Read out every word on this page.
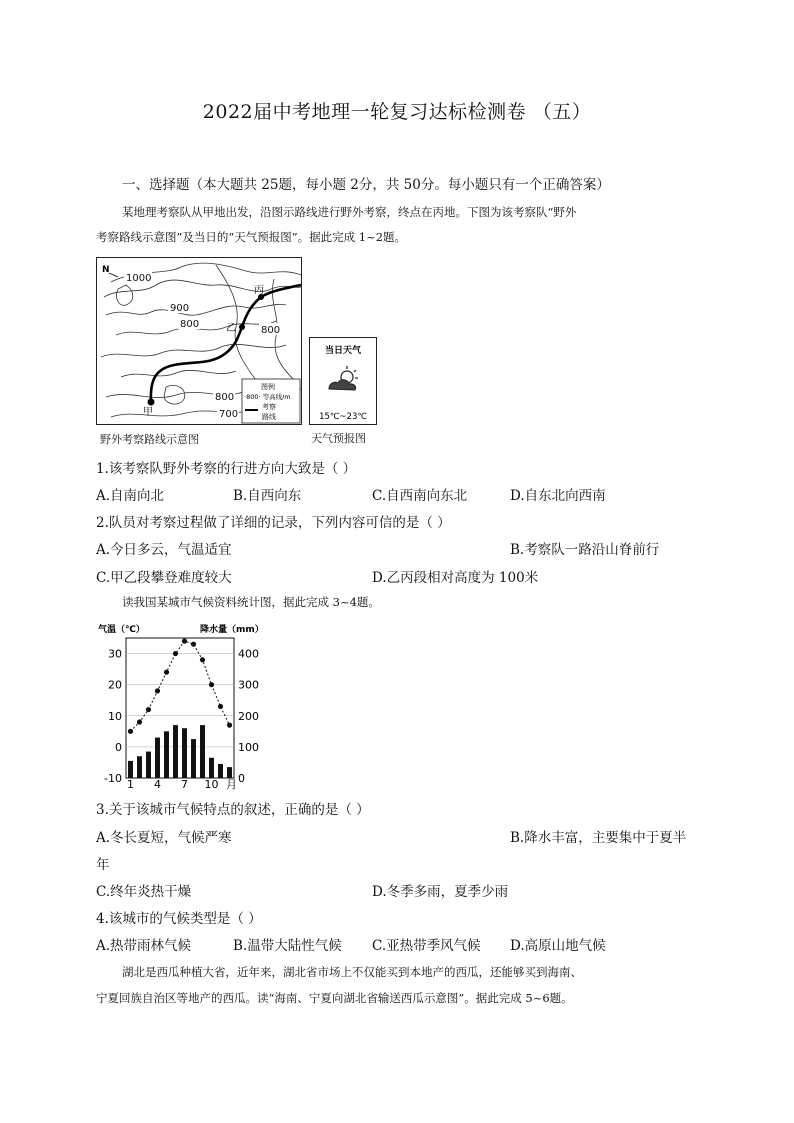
2022届中考地理一轮复习达标检测卷 （五）
一、选择题（本大题共 25题，每小题 2分，共 50分。每小题只有一个正确答案）
某地理考察队从甲地出发，沿图示路线进行野外考察，终点在丙地。下图为该考察队“野外
考察路线示意图”及当日的“天气预报图”。据此完成 1~2题。
N
1000
900
800
800
800
700
丙
乙
甲
图例
·800· 等高线/m
考察
路线
野外考察路线示意图
当日天气
15℃~23℃
天气预报图
1.该考察队野外考察的行进方向大致是（ ）
A.自南向北	B.自西向东	C.自西南向东北	D.自东北向西南
2.队员对考察过程做了详细的记录，下列内容可信的是（ ）
A.今日多云，气温适宜	B.考察队一路沿山脊前行
C.甲乙段攀登难度较大	D.乙丙段相对高度为 100米
读我国某城市气候资料统计图，据此完成 3~4题。
气温（℃）	降水量（mm）
30
20
10
0
-10
400
300
200
100
0
1 4 7 10 月
3.关于该城市气候特点的叙述，正确的是（ ）
A.冬长夏短，气候严寒	B.降水丰富，主要集中于夏半
年
C.终年炎热干燥	D.冬季多雨，夏季少雨
4.该城市的气候类型是（ ）
A.热带雨林气候	B.温带大陆性气候 C.亚热带季风气候 D.高原山地气候
湖北是西瓜种植大省，近年来，湖北省市场上不仅能买到本地产的西瓜，还能够买到海南、
宁夏回族自治区等地产的西瓜。读“海南、宁夏向湖北省输送西瓜示意图”。据此完成 5~6题。
